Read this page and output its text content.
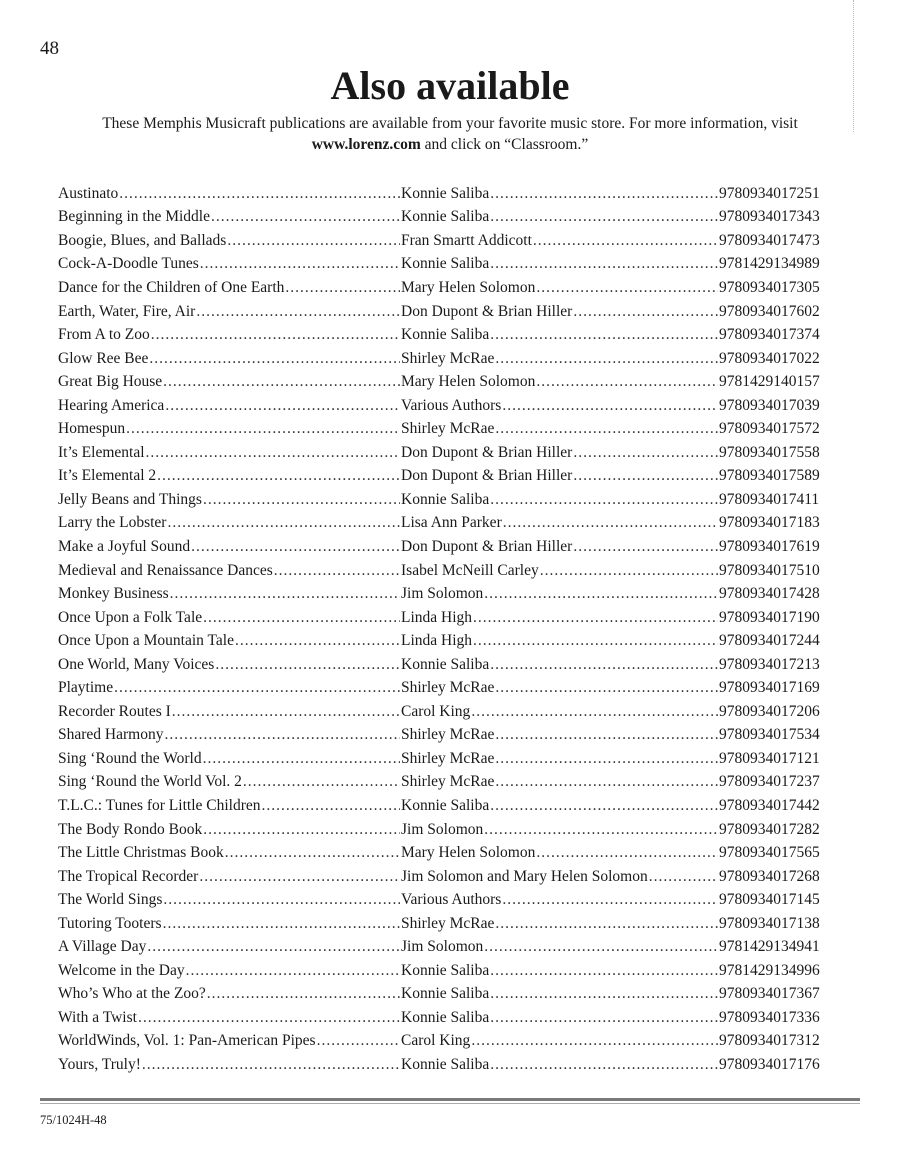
48
Also available
These Memphis Musicraft publications are available from your favorite music store. For more information, visit www.lorenz.com and click on “Classroom.”
Austinato .....	Konnie Saliba .....	9780934017251
Beginning in the Middle .....	Konnie Saliba .....	9780934017343
Boogie, Blues, and Ballads .....	Fran Smartt Addicott .....	9780934017473
Cock-A-Doodle Tunes .....	Konnie Saliba .....	9781429134989
Dance for the Children of One Earth .....	Mary Helen Solomon .....	9780934017305
Earth, Water, Fire, Air .....	Don Dupont & Brian Hiller .....	9780934017602
From A to Zoo .....	Konnie Saliba .....	9780934017374
Glow Ree Bee .....	Shirley McRae .....	9780934017022
Great Big House .....	Mary Helen Solomon .....	9781429140157
Hearing America .....	Various Authors .....	9780934017039
Homespun .....	Shirley McRae .....	9780934017572
It’s Elemental .....	Don Dupont & Brian Hiller .....	9780934017558
It’s Elemental 2 .....	Don Dupont & Brian Hiller .....	9780934017589
Jelly Beans and Things .....	Konnie Saliba .....	9780934017411
Larry the Lobster .....	Lisa Ann Parker .....	9780934017183
Make a Joyful Sound .....	Don Dupont & Brian Hiller .....	9780934017619
Medieval and Renaissance Dances .....	Isabel McNeill Carley .....	9780934017510
Monkey Business .....	Jim Solomon .....	9780934017428
Once Upon a Folk Tale .....	Linda High .....	9780934017190
Once Upon a Mountain Tale .....	Linda High .....	9780934017244
One World, Many Voices .....	Konnie Saliba .....	9780934017213
Playtime .....	Shirley McRae .....	9780934017169
Recorder Routes I .....	Carol King .....	9780934017206
Shared Harmony .....	Shirley McRae .....	9780934017534
Sing ‘Round the World .....	Shirley McRae .....	9780934017121
Sing ‘Round the World Vol. 2 .....	Shirley McRae .....	9780934017237
T.L.C.: Tunes for Little Children .....	Konnie Saliba .....	9780934017442
The Body Rondo Book .....	Jim Solomon .....	9780934017282
The Little Christmas Book .....	Mary Helen Solomon .....	9780934017565
The Tropical Recorder .....	Jim Solomon and Mary Helen Solomon .....	9780934017268
The World Sings .....	Various Authors .....	9780934017145
Tutoring Tooters .....	Shirley McRae .....	9780934017138
A Village Day .....	Jim Solomon .....	9781429134941
Welcome in the Day .....	Konnie Saliba .....	9781429134996
Who’s Who at the Zoo? .....	Konnie Saliba .....	9780934017367
With a Twist .....	Konnie Saliba .....	9780934017336
WorldWinds, Vol. 1: Pan-American Pipes .....	Carol King .....	9780934017312
Yours, Truly! .....	Konnie Saliba .....	9780934017176
75/1024H-48
